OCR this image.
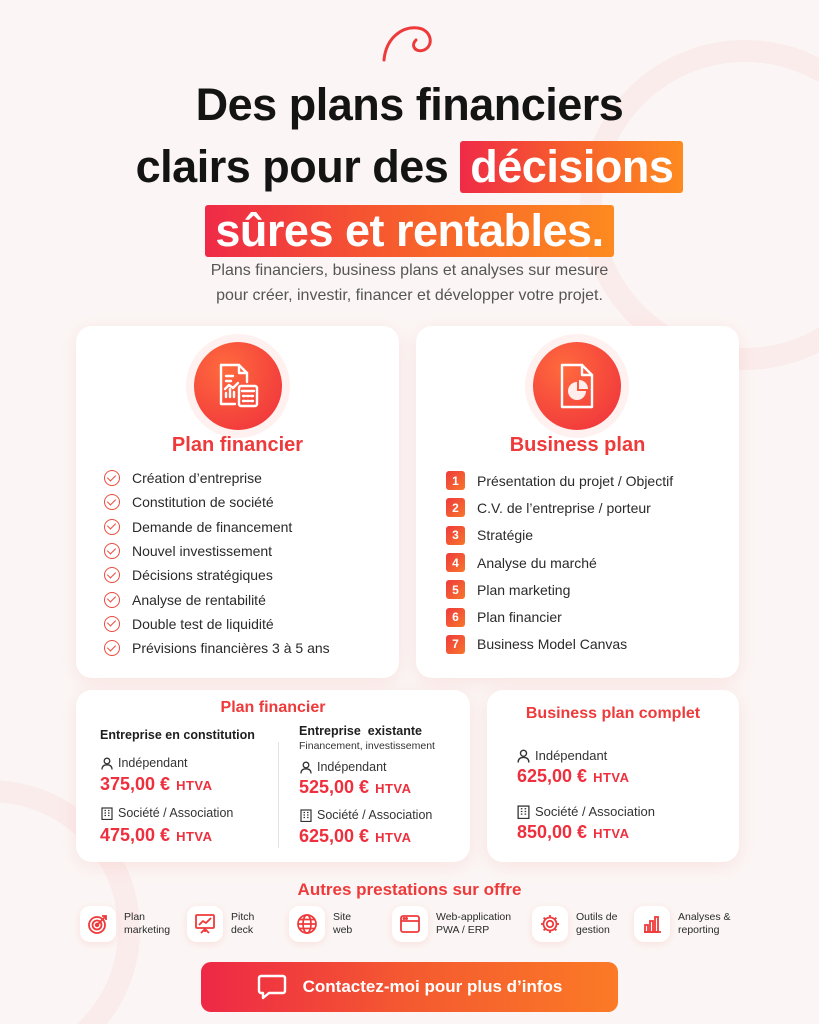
Des plans financiers
clairs pour des décisions
sûres et rentables.
Plans financiers, business plans et analyses sur mesure
pour créer, investir, financer et développer votre projet.
Plan financier
Création d’entreprise
Constitution de société
Demande de financement
Nouvel investissement
Décisions stratégiques
Analyse de rentabilité
Double test de liquidité
Prévisions financières 3 à 5 ans
Business plan
1	Présentation du projet / Objectif
2	C.V. de l’entreprise / porteur
3	Stratégie
4	Analyse du marché
5	Plan marketing
6	Plan financier
7	Business Model Canvas
Plan financier
Entreprise en constitution
Indépendant
375,00 € HTVA
Société / Association
475,00 € HTVA
Entreprise  existante
Financement, investissement
Indépendant
525,00 € HTVA
Société / Association
625,00 € HTVA
Business plan complet
Indépendant
625,00 € HTVA
Société / Association
850,00 € HTVA
Autres prestations sur offre
Plan
marketing
Pitch
deck
Site
web
Web-application
PWA / ERP
Outils de
gestion
Analyses &
reporting
Contactez-moi pour plus d’infos
